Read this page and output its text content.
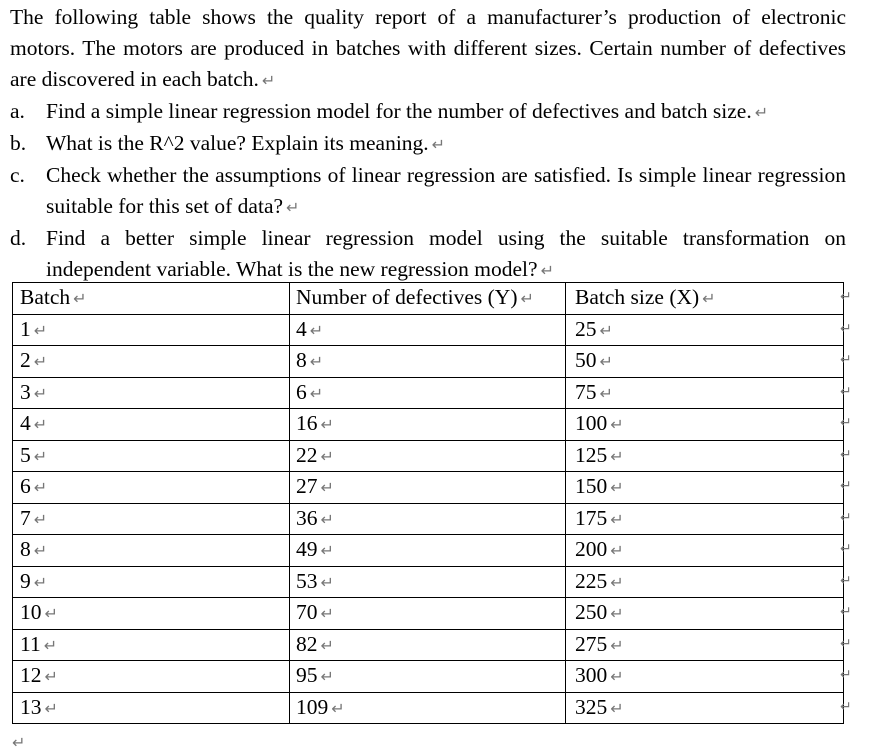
The following table shows the quality report of a manufacturer’s production of electronic motors. The motors are produced in batches with different sizes. Certain number of defectives are discovered in each batch. ↵
a. Find a simple linear regression model for the number of defectives and batch size. ↵
b. What is the R^2 value? Explain its meaning. ↵
c. Check whether the assumptions of linear regression are satisfied. Is simple linear regression suitable for this set of data? ↵
d. Find a better simple linear regression model using the suitable transformation on independent variable. What is the new regression model? ↵
Batch ↵	Number of defectives (Y) ↵	Batch size (X) ↵
1 ↵	4 ↵	25 ↵
2 ↵	8 ↵	50 ↵
3 ↵	6 ↵	75 ↵
4 ↵	16 ↵	100 ↵
5 ↵	22 ↵	125 ↵
6 ↵	27 ↵	150 ↵
7 ↵	36 ↵	175 ↵
8 ↵	49 ↵	200 ↵
9 ↵	53 ↵	225 ↵
10 ↵	70 ↵	250 ↵
11 ↵	82 ↵	275 ↵
12 ↵	95 ↵	300 ↵
13 ↵	109 ↵	325 ↵
↵
↵
↵
↵
↵
↵
↵
↵
↵
↵
↵
↵
↵
↵
↵
